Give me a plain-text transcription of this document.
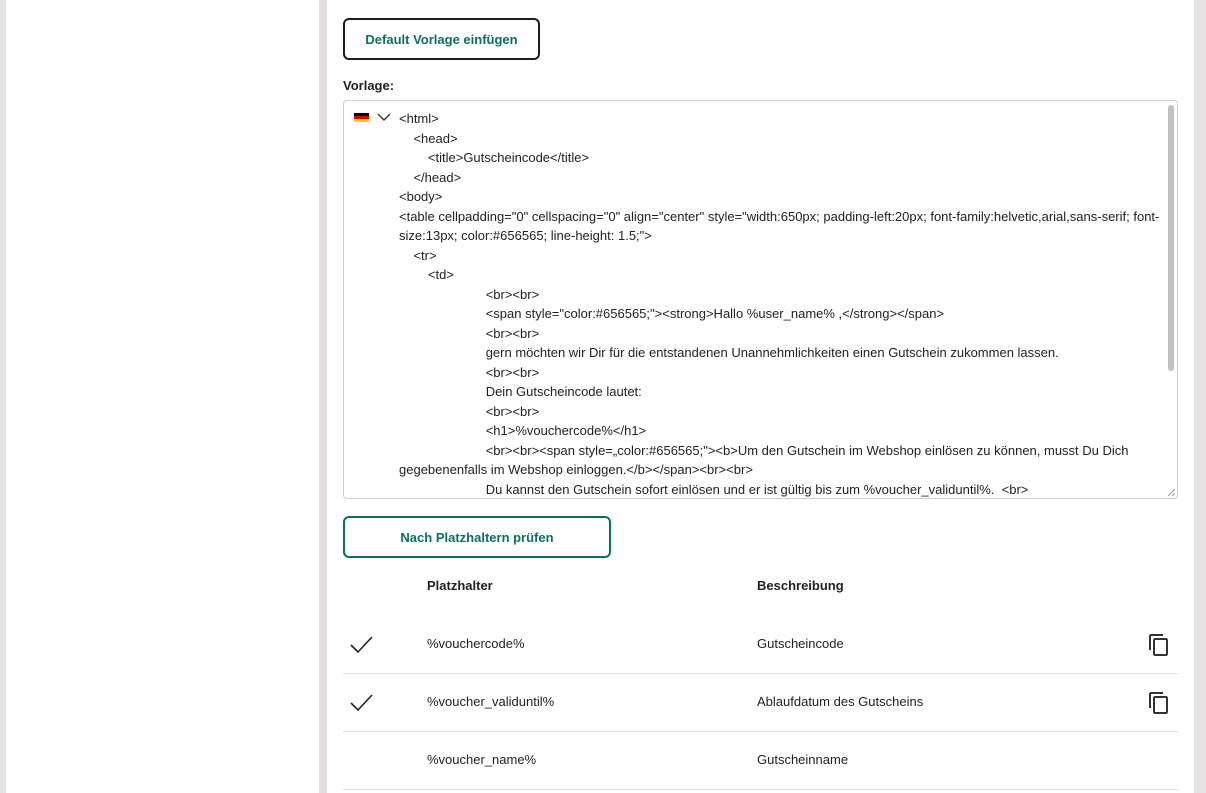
Default Vorlage einfügen
Vorlage:
<html>
<head>
<title>Gutscheincode</title>
</head>
<body>
<table cellpadding="0" cellspacing="0" align="center" style="width:650px; padding-left:20px; font-family:helvetic,arial,sans-serif; font-size:13px; color:#656565; line-height: 1.5;">
<tr>
<td>
<br><br>
<span style="color:#656565;"><strong>Hallo %user_name% ,</strong></span>
<br><br>
gern möchten wir Dir für die entstandenen Unannehmlichkeiten einen Gutschein zukommen lassen.
<br><br>
Dein Gutscheincode lautet:
<br><br>
<h1>%vouchercode%</h1>
<br><br><span style=„color:#656565;"><b>Um den Gutschein im Webshop einlösen zu können, musst Du Dich gegebenenfalls im Webshop einloggen.</b></span><br><br>
Du kannst den Gutschein sofort einlösen und er ist gültig bis zum %voucher_validuntil%.  <br>
Nach Platzhaltern prüfen
Platzhalter	Beschreibung
%vouchercode%	Gutscheincode
%voucher_validuntil%	Ablaufdatum des Gutscheins
%voucher_name%	Gutscheinname
